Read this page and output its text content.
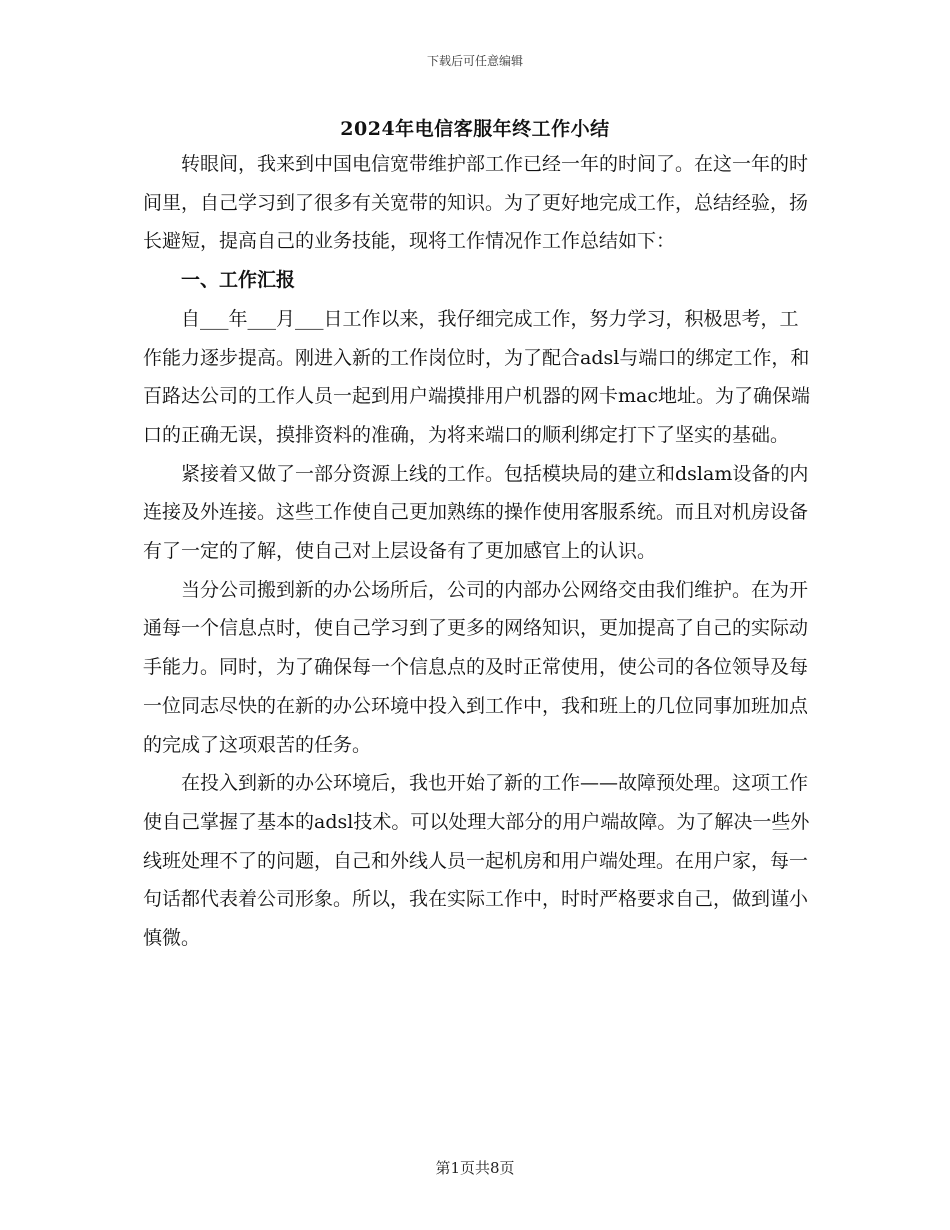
下载后可任意编辑
2024年电信客服年终工作小结

转眼间，我来到中国电信宽带维护部工作已经一年的时间了。在这一年的时间里，自己学习到了很多有关宽带的知识。为了更好地完成工作，总结经验，扬长避短，提高自己的业务技能，现将工作情况作工作总结如下：

一、工作汇报

自___年___月___日工作以来，我仔细完成工作，努力学习，积极思考，工作能力逐步提高。刚进入新的工作岗位时，为了配合adsl与端口的绑定工作，和百路达公司的工作人员一起到用户端摸排用户机器的网卡mac地址。为了确保端口的正确无误，摸排资料的准确，为将来端口的顺利绑定打下了坚实的基础。

紧接着又做了一部分资源上线的工作。包括模块局的建立和dslam设备的内连接及外连接。这些工作使自己更加熟练的操作使用客服系统。而且对机房设备有了一定的了解，使自己对上层设备有了更加感官上的认识。

当分公司搬到新的办公场所后，公司的内部办公网络交由我们维护。在为开通每一个信息点时，使自己学习到了更多的网络知识，更加提高了自己的实际动手能力。同时，为了确保每一个信息点的及时正常使用，使公司的各位领导及每一位同志尽快的在新的办公环境中投入到工作中，我和班上的几位同事加班加点的完成了这项艰苦的任务。

在投入到新的办公环境后，我也开始了新的工作——故障预处理。这项工作使自己掌握了基本的adsl技术。可以处理大部分的用户端故障。为了解决一些外线班处理不了的问题，自己和外线人员一起机房和用户端处理。在用户家，每一句话都代表着公司形象。所以，我在实际工作中，时时严格要求自己，做到谨小慎微。

第1页共8页
